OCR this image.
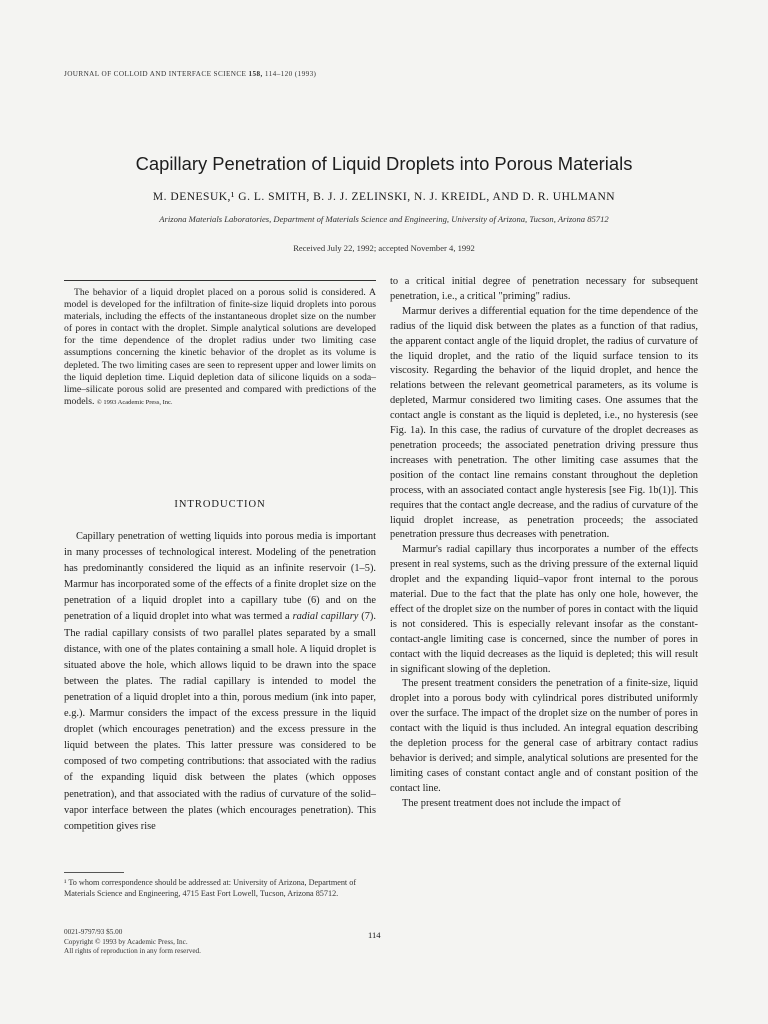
JOURNAL OF COLLOID AND INTERFACE SCIENCE 158, 114–120 (1993)
Capillary Penetration of Liquid Droplets into Porous Materials
M. DENESUK,¹ G. L. SMITH, B. J. J. ZELINSKI, N. J. KREIDL, AND D. R. UHLMANN
Arizona Materials Laboratories, Department of Materials Science and Engineering, University of Arizona, Tucson, Arizona 85712
Received July 22, 1992; accepted November 4, 1992

The behavior of a liquid droplet placed on a porous solid is considered. A model is developed for the infiltration of finite-size liquid droplets into porous materials, including the effects of the instantaneous droplet size on the number of pores in contact with the droplet. Simple analytical solutions are developed for the time dependence of the droplet radius under two limiting case assumptions concerning the kinetic behavior of the droplet as its volume is depleted. The two limiting cases are seen to represent upper and lower limits on the liquid depletion time. Liquid depletion data of silicone liquids on a soda–lime–silicate porous solid are presented and compared with predictions of the models. © 1993 Academic Press, Inc.

INTRODUCTION

Capillary penetration of wetting liquids into porous media is important in many processes of technological interest. Modeling of the penetration has predominantly considered the liquid as an infinite reservoir (1–5). Marmur has incorporated some of the effects of a finite droplet size on the penetration of a liquid droplet into a capillary tube (6) and on the penetration of a liquid droplet into what was termed a radial capillary (7). The radial capillary consists of two parallel plates separated by a small distance, with one of the plates containing a small hole. A liquid droplet is situated above the hole, which allows liquid to be drawn into the space between the plates. The radial capillary is intended to model the penetration of a liquid droplet into a thin, porous medium (ink into paper, e.g.). Marmur considers the impact of the excess pressure in the liquid droplet (which encourages penetration) and the excess pressure in the liquid between the plates. This latter pressure was considered to be composed of two competing contributions: that associated with the radius of the expanding liquid disk between the plates (which opposes penetration), and that associated with the radius of curvature of the solid–vapor interface between the plates (which encourages penetration). This competition gives rise

¹ To whom correspondence should be addressed at: University of Arizona, Department of Materials Science and Engineering, 4715 East Fort Lowell, Tucson, Arizona 85712.

to a critical initial degree of penetration necessary for subsequent penetration, i.e., a critical "priming" radius.

Marmur derives a differential equation for the time dependence of the radius of the liquid disk between the plates as a function of that radius, the apparent contact angle of the liquid droplet, the radius of curvature of the liquid droplet, and the ratio of the liquid surface tension to its viscosity. Regarding the behavior of the liquid droplet, and hence the relations between the relevant geometrical parameters, as its volume is depleted, Marmur considered two limiting cases. One assumes that the contact angle is constant as the liquid is depleted, i.e., no hysteresis (see Fig. 1a). In this case, the radius of curvature of the droplet decreases as penetration proceeds; the associated penetration driving pressure thus increases with penetration. The other limiting case assumes that the position of the contact line remains constant throughout the depletion process, with an associated contact angle hysteresis [see Fig. 1b(1)]. This requires that the contact angle decrease, and the radius of curvature of the liquid droplet increase, as penetration proceeds; the associated penetration pressure thus decreases with penetration.

Marmur's radial capillary thus incorporates a number of the effects present in real systems, such as the driving pressure of the external liquid droplet and the expanding liquid–vapor front internal to the porous material. Due to the fact that the plate has only one hole, however, the effect of the droplet size on the number of pores in contact with the liquid is not considered. This is especially relevant insofar as the constant-contact-angle limiting case is concerned, since the number of pores in contact with the liquid decreases as the liquid is depleted; this will result in significant slowing of the depletion.

The present treatment considers the penetration of a finite-size, liquid droplet into a porous body with cylindrical pores distributed uniformly over the surface. The impact of the droplet size on the number of pores in contact with the liquid is thus included. An integral equation describing the depletion process for the general case of arbitrary contact radius behavior is derived; and simple, analytical solutions are presented for the limiting cases of constant contact angle and of constant position of the contact line.

The present treatment does not include the impact of

114
0021-9797/93 $5.00
Copyright © 1993 by Academic Press, Inc.
All rights of reproduction in any form reserved.
